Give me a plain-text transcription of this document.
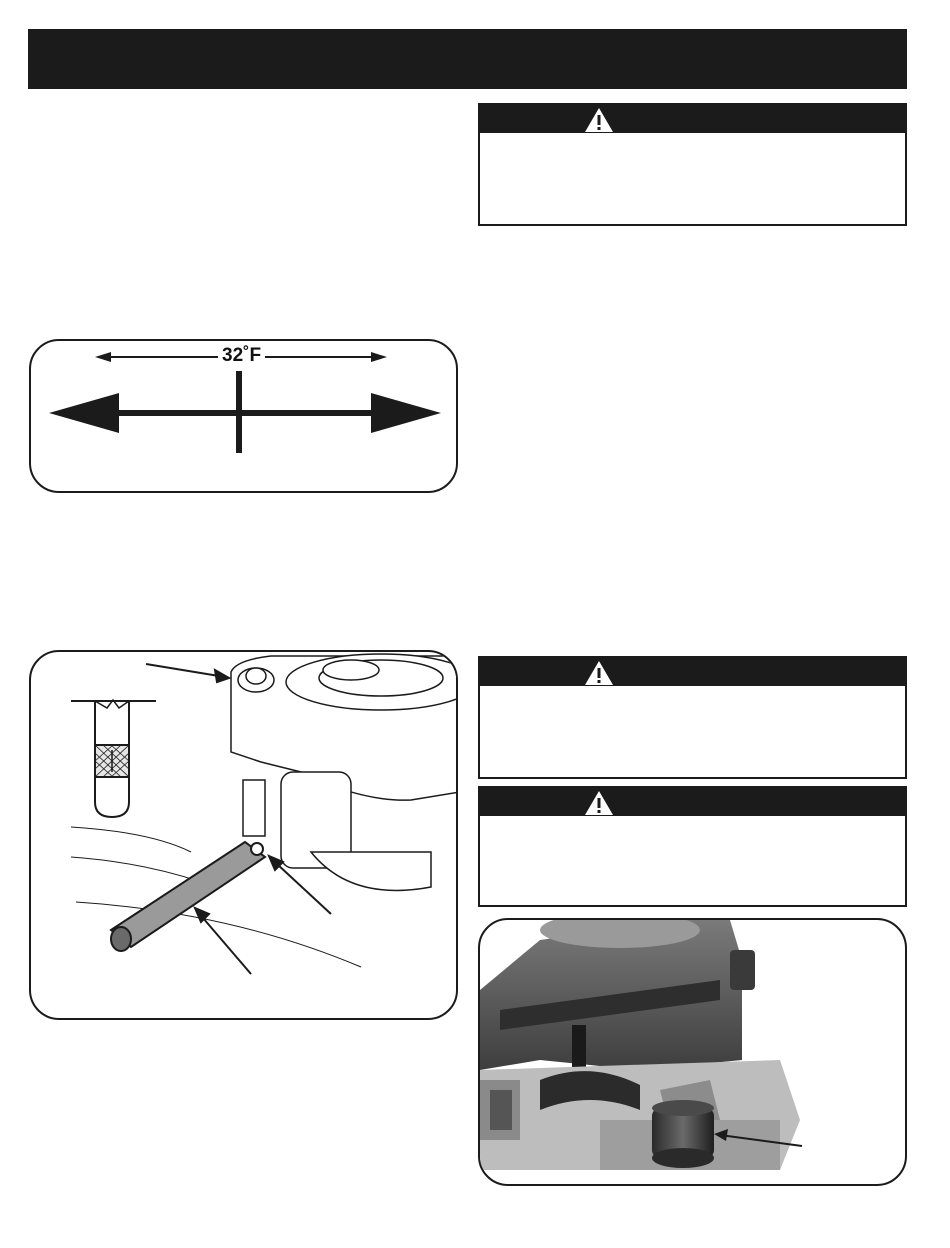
32˚F
